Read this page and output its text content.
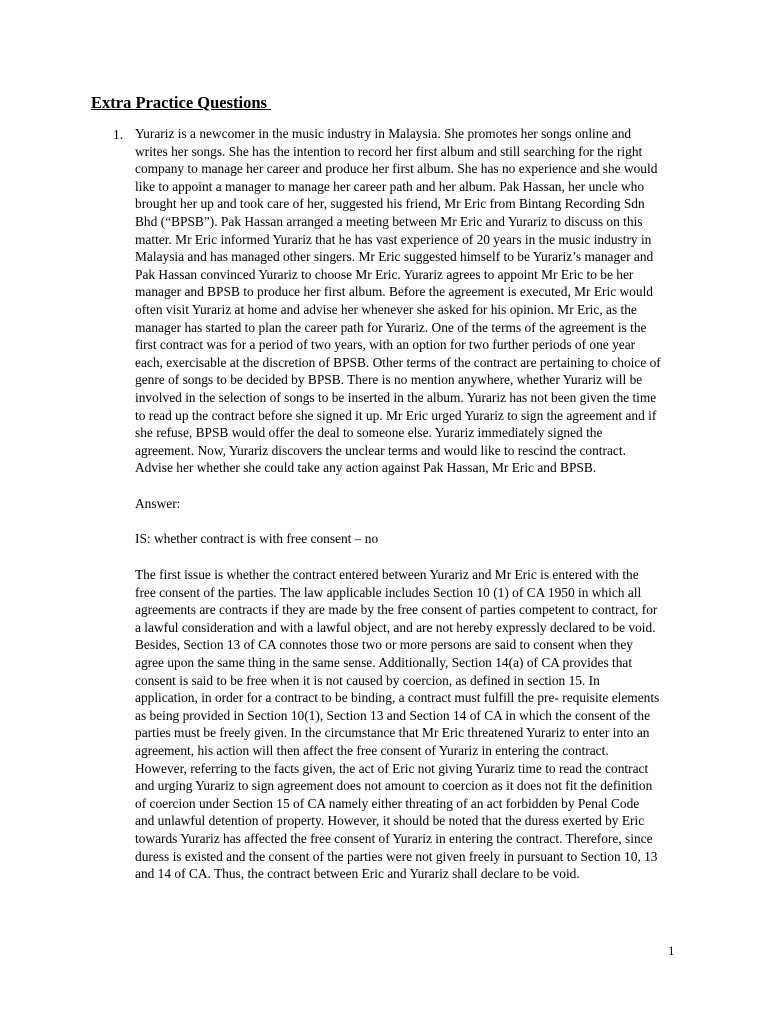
Extra Practice Questions
1. Yurariz is a newcomer in the music industry in Malaysia. She promotes her songs online and
writes her songs. She has the intention to record her first album and still searching for the right
company to manage her career and produce her first album. She has no experience and she would
like to appoint a manager to manage her career path and her album. Pak Hassan, her uncle who
brought her up and took care of her, suggested his friend, Mr Eric from Bintang Recording Sdn
Bhd (“BPSB”). Pak Hassan arranged a meeting between Mr Eric and Yurariz to discuss on this
matter. Mr Eric informed Yurariz that he has vast experience of 20 years in the music industry in
Malaysia and has managed other singers. Mr Eric suggested himself to be Yurariz’s manager and
Pak Hassan convinced Yurariz to choose Mr Eric. Yurariz agrees to appoint Mr Eric to be her
manager and BPSB to produce her first album. Before the agreement is executed, Mr Eric would
often visit Yurariz at home and advise her whenever she asked for his opinion. Mr Eric, as the
manager has started to plan the career path for Yurariz. One of the terms of the agreement is the
first contract was for a period of two years, with an option for two further periods of one year
each, exercisable at the discretion of BPSB. Other terms of the contract are pertaining to choice of
genre of songs to be decided by BPSB. There is no mention anywhere, whether Yurariz will be
involved in the selection of songs to be inserted in the album. Yurariz has not been given the time
to read up the contract before she signed it up. Mr Eric urged Yurariz to sign the agreement and if
she refuse, BPSB would offer the deal to someone else. Yurariz immediately signed the
agreement. Now, Yurariz discovers the unclear terms and would like to rescind the contract.
Advise her whether she could take any action against Pak Hassan, Mr Eric and BPSB.
Answer:
IS: whether contract is with free consent – no
The first issue is whether the contract entered between Yurariz and Mr Eric is entered with the
free consent of the parties. The law applicable includes Section 10 (1) of CA 1950 in which all
agreements are contracts if they are made by the free consent of parties competent to contract, for
a lawful consideration and with a lawful object, and are not hereby expressly declared to be void.
Besides, Section 13 of CA connotes those two or more persons are said to consent when they
agree upon the same thing in the same sense. Additionally, Section 14(a) of CA provides that
consent is said to be free when it is not caused by coercion, as defined in section 15. In
application, in order for a contract to be binding, a contract must fulfill the pre- requisite elements
as being provided in Section 10(1), Section 13 and Section 14 of CA in which the consent of the
parties must be freely given. In the circumstance that Mr Eric threatened Yurariz to enter into an
agreement, his action will then affect the free consent of Yurariz in entering the contract.
However, referring to the facts given, the act of Eric not giving Yurariz time to read the contract
and urging Yurariz to sign agreement does not amount to coercion as it does not fit the definition
of coercion under Section 15 of CA namely either threating of an act forbidden by Penal Code
and unlawful detention of property. However, it should be noted that the duress exerted by Eric
towards Yurariz has affected the free consent of Yurariz in entering the contract. Therefore, since
duress is existed and the consent of the parties were not given freely in pursuant to Section 10, 13
and 14 of CA. Thus, the contract between Eric and Yurariz shall declare to be void.
1
